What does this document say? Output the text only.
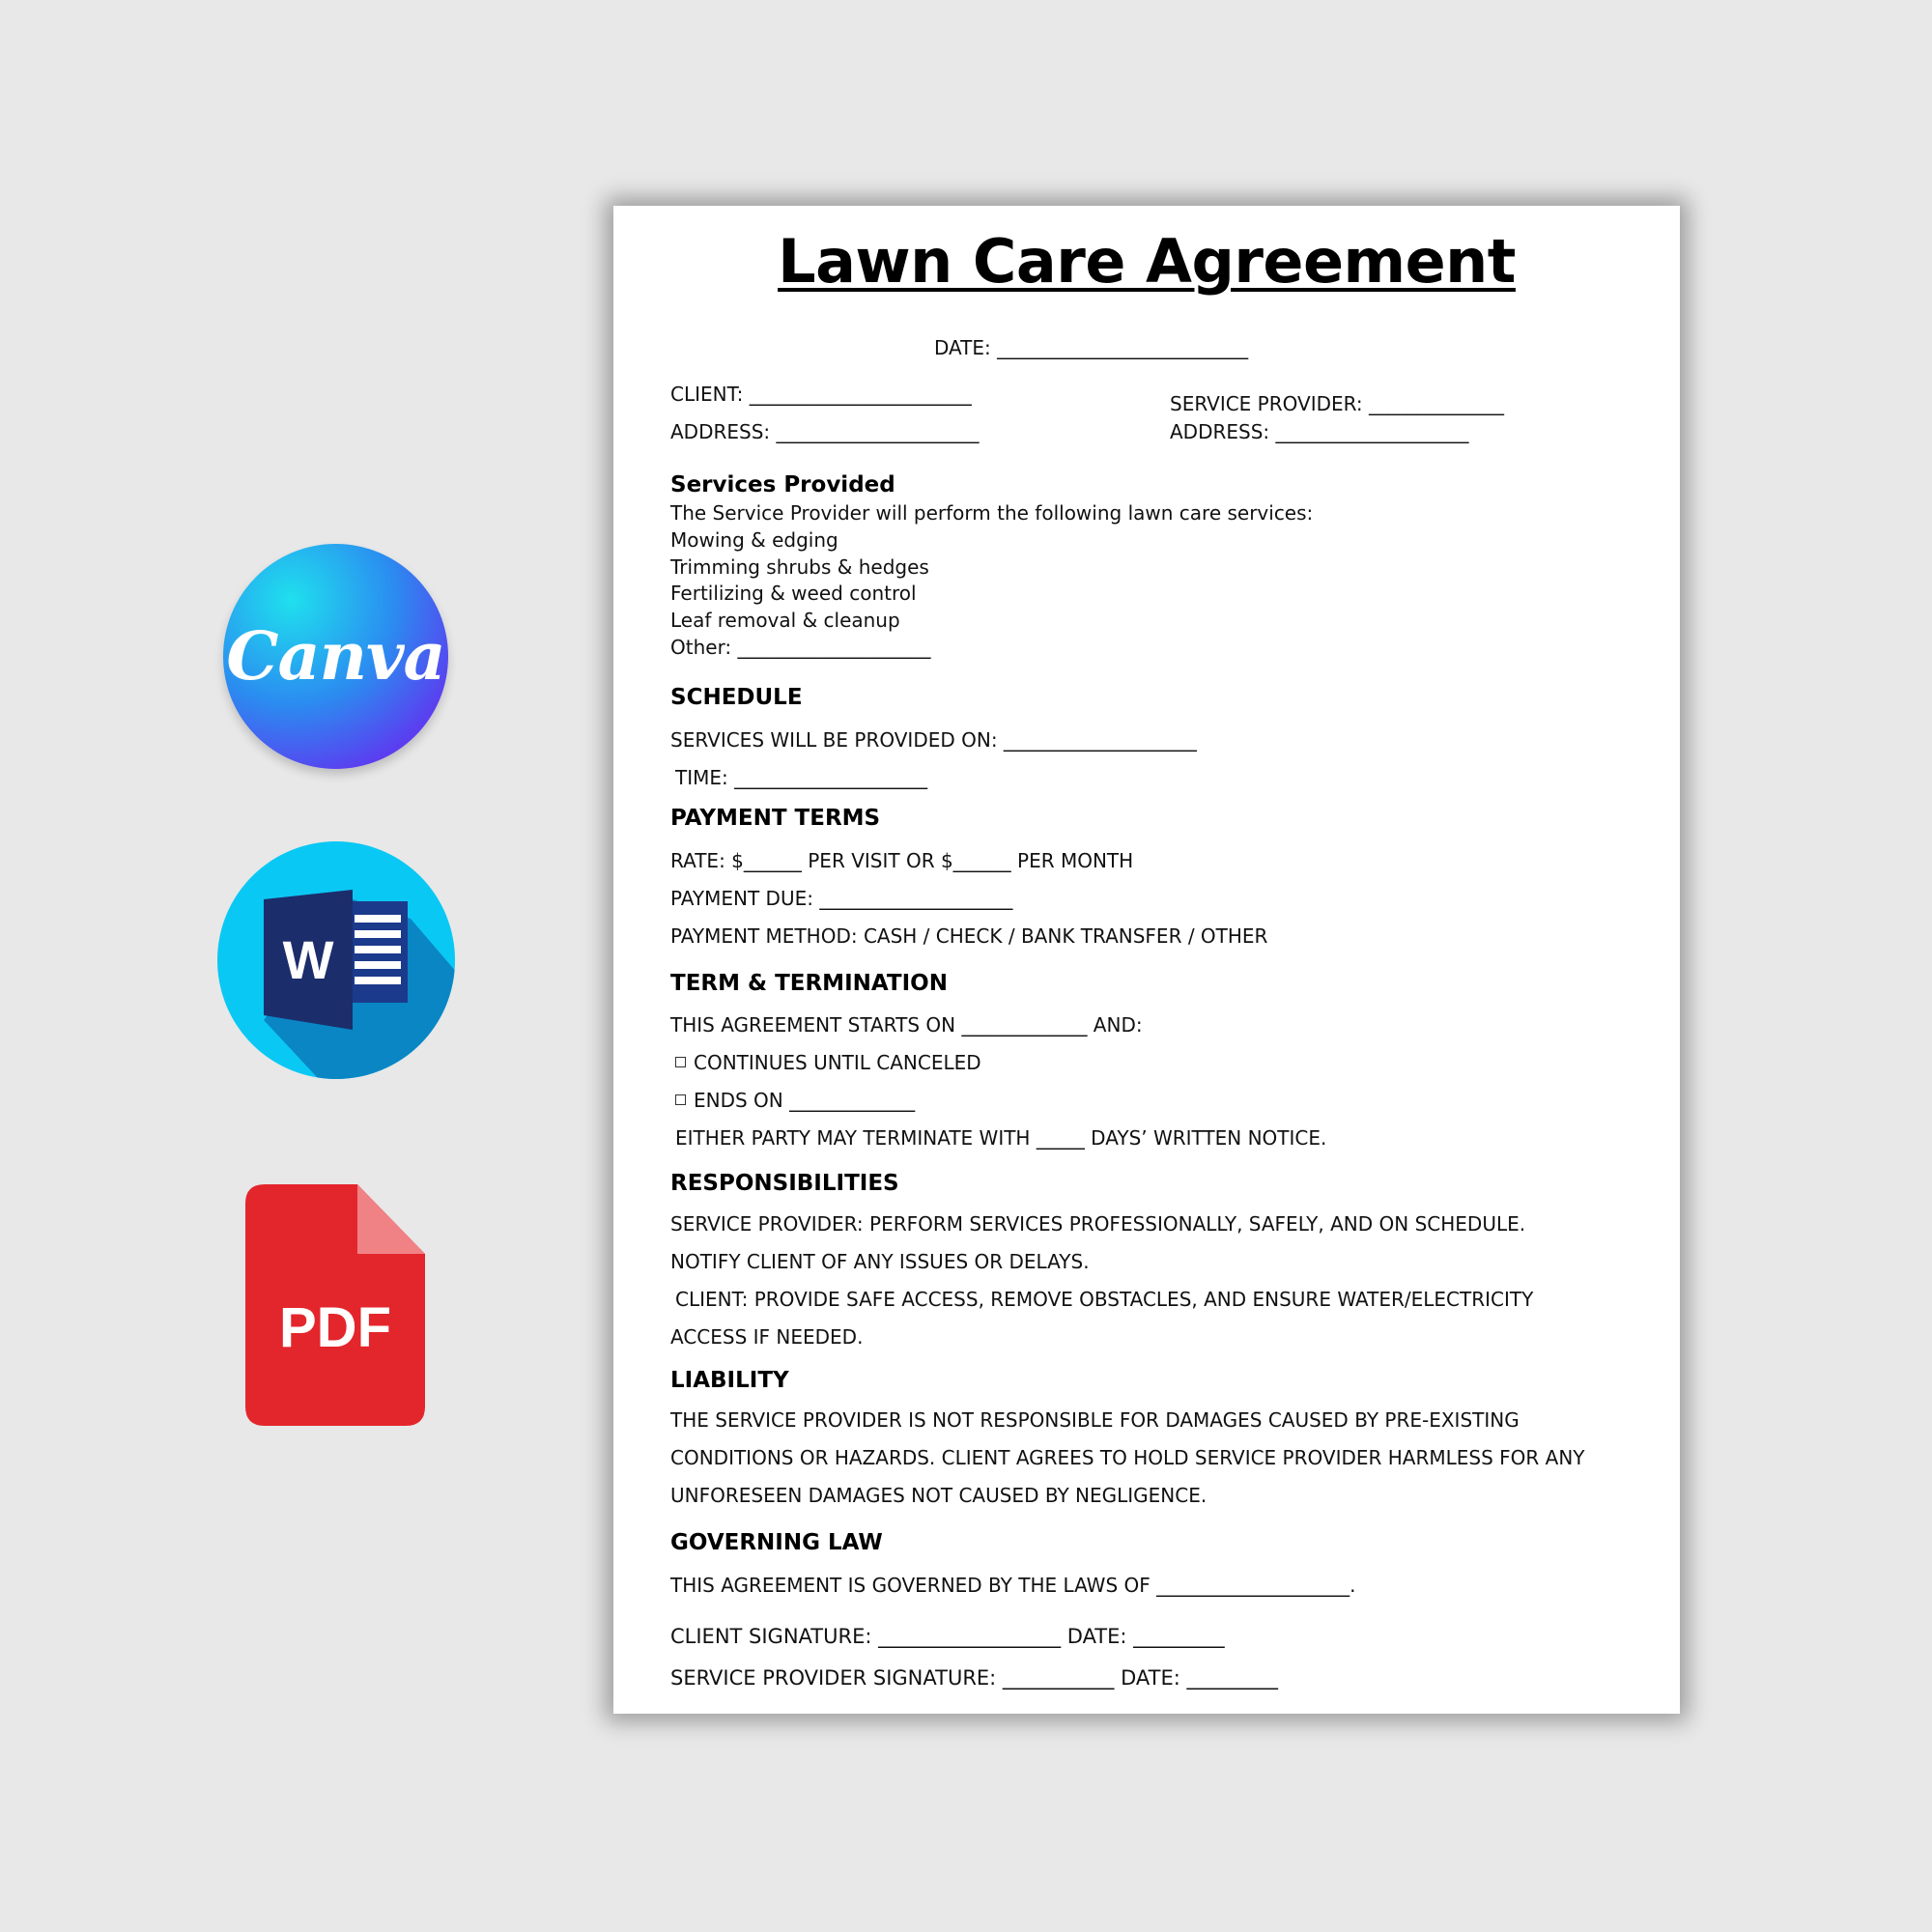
Canva
W
PDF
Lawn Care Agreement
DATE: __________________________
CLIENT: _______________________
ADDRESS: _____________________
SERVICE PROVIDER: ______________
ADDRESS: ____________________
Services Provided
The Service Provider will perform the following lawn care services:
Mowing & edging
Trimming shrubs & hedges
Fertilizing & weed control
Leaf removal & cleanup
Other: ____________________
SCHEDULE
SERVICES WILL BE PROVIDED ON: ____________________
TIME: ____________________
PAYMENT TERMS
RATE: $______ PER VISIT OR $______ PER MONTH
PAYMENT DUE: ____________________
PAYMENT METHOD: CASH / CHECK / BANK TRANSFER / OTHER
TERM & TERMINATION
THIS AGREEMENT STARTS ON _____________ AND:
CONTINUES UNTIL CANCELED
ENDS ON _____________
EITHER PARTY MAY TERMINATE WITH _____ DAYS’ WRITTEN NOTICE.
RESPONSIBILITIES
SERVICE PROVIDER: PERFORM SERVICES PROFESSIONALLY, SAFELY, AND ON SCHEDULE.
NOTIFY CLIENT OF ANY ISSUES OR DELAYS.
CLIENT: PROVIDE SAFE ACCESS, REMOVE OBSTACLES, AND ENSURE WATER/ELECTRICITY
ACCESS IF NEEDED.
LIABILITY
THE SERVICE PROVIDER IS NOT RESPONSIBLE FOR DAMAGES CAUSED BY PRE-EXISTING
CONDITIONS OR HAZARDS. CLIENT AGREES TO HOLD SERVICE PROVIDER HARMLESS FOR ANY
UNFORESEEN DAMAGES NOT CAUSED BY NEGLIGENCE.
GOVERNING LAW
THIS AGREEMENT IS GOVERNED BY THE LAWS OF ____________________.
CLIENT SIGNATURE: __________________ DATE: _________
SERVICE PROVIDER SIGNATURE: ___________ DATE: _________
